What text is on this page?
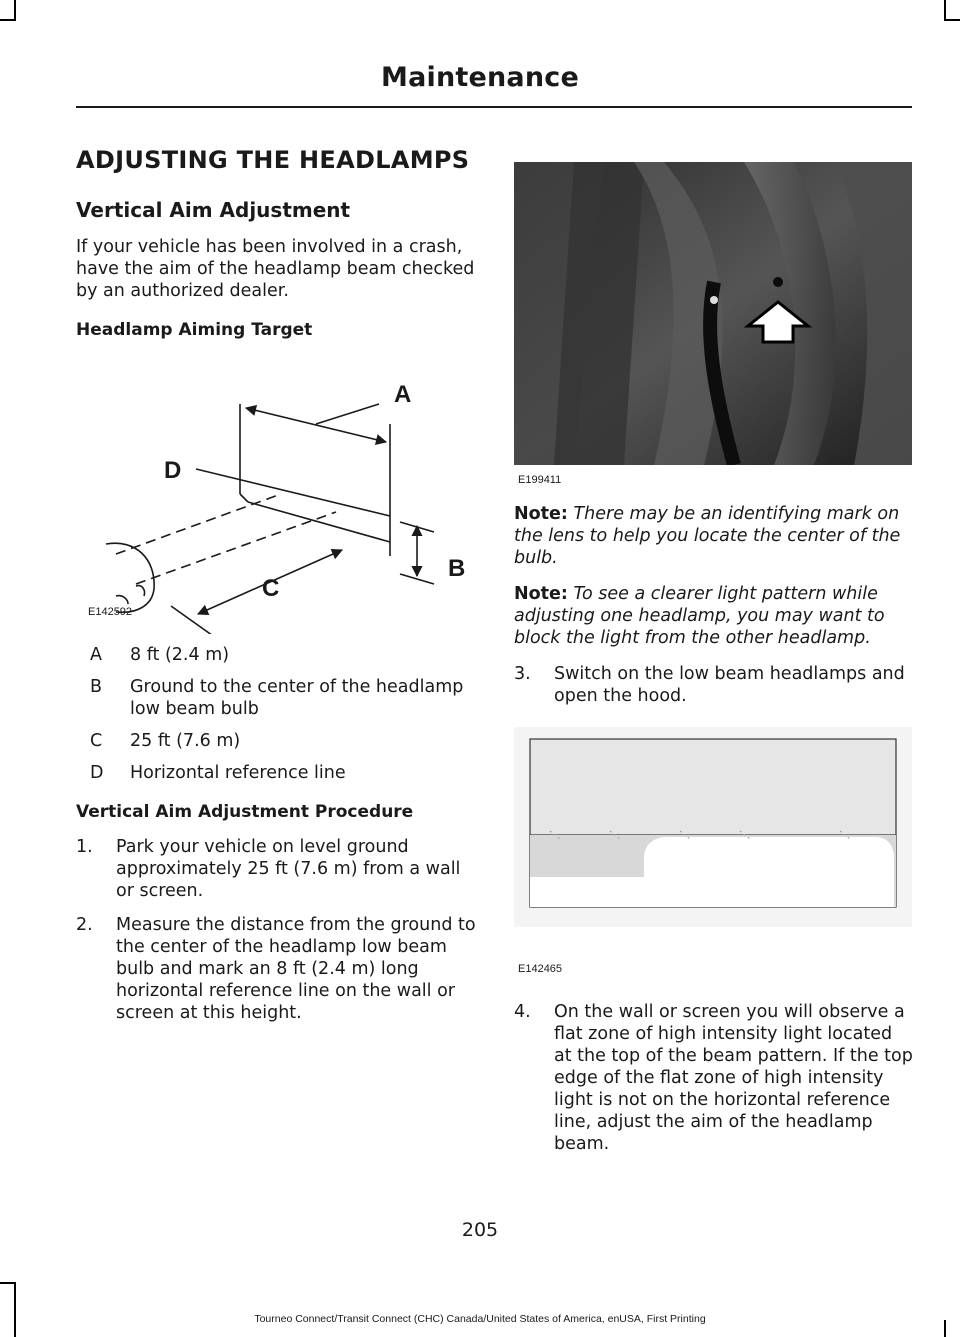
Maintenance
ADJUSTING THE HEADLAMPS
Vertical Aim Adjustment

If your vehicle has been involved in a crash, have the aim of the headlamp beam checked by an authorized dealer.

Headlamp Aiming Target
A
D
B
C
E142592
A	8 ft (2.4 m)
B	Ground to the center of the headlamp low beam bulb
C	25 ft (7.6 m)
D	Horizontal reference line
Vertical Aim Adjustment Procedure
1.	Park your vehicle on level ground approximately 25 ft (7.6 m) from a wall or screen.
2.	Measure the distance from the ground to the center of the headlamp low beam bulb and mark an 8 ft (2.4 m) long horizontal reference line on the wall or screen at this height.
E199411

Note: There may be an identifying mark on the lens to help you locate the center of the bulb.

Note: To see a clearer light pattern while adjusting one headlamp, you may want to block the light from the other headlamp.

3.	Switch on the low beam headlamps and open the hood.
E142465
4.	On the wall or screen you will observe a flat zone of high intensity light located at the top of the beam pattern. If the top edge of the flat zone of high intensity light is not on the horizontal reference line, adjust the aim of the headlamp beam.
205
Tourneo Connect/Transit Connect (CHC) Canada/United States of America, enUSA, First Printing
